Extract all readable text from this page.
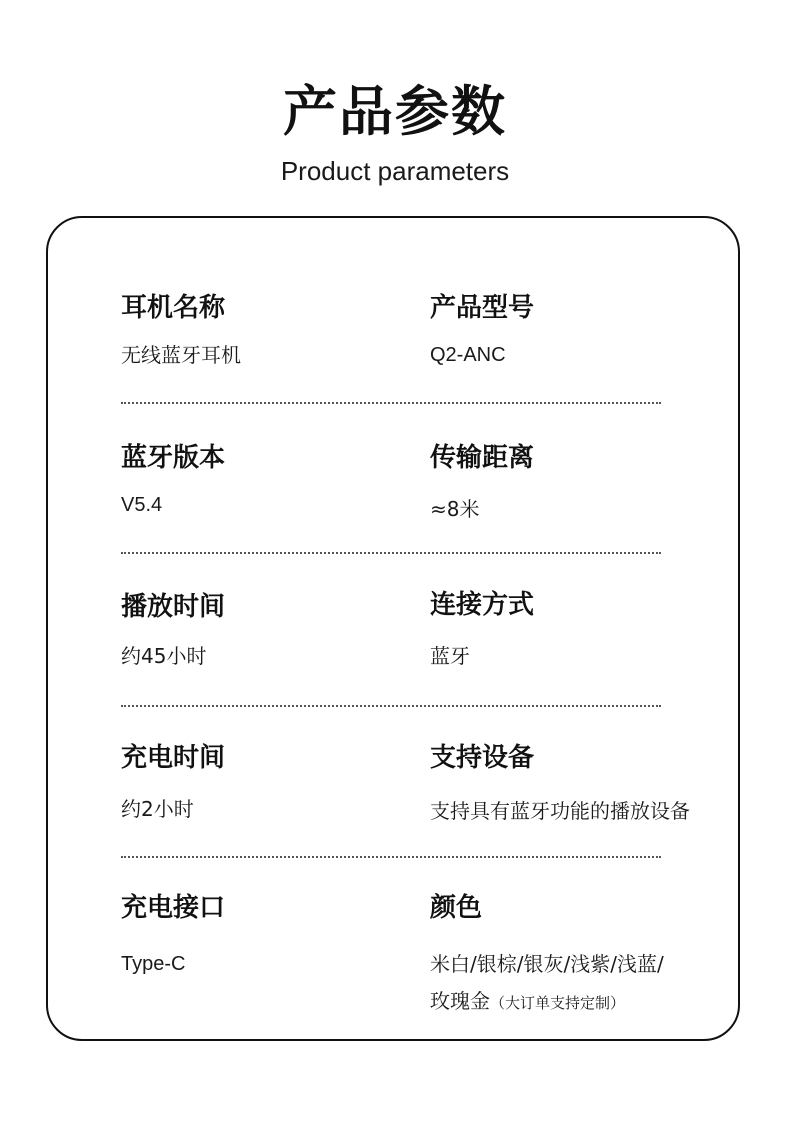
产品参数
Product parameters
耳机名称
无线蓝牙耳机
产品型号
Q2-ANC
蓝牙版本
V5.4
传输距离
≈8米
播放时间
约45小时
连接方式
蓝牙
充电时间
约2小时
支持设备
支持具有蓝牙功能的播放设备
充电接口
Type-C
颜色
米白/银棕/银灰/浅紫/浅蓝/
玫瑰金（大订单支持定制）
